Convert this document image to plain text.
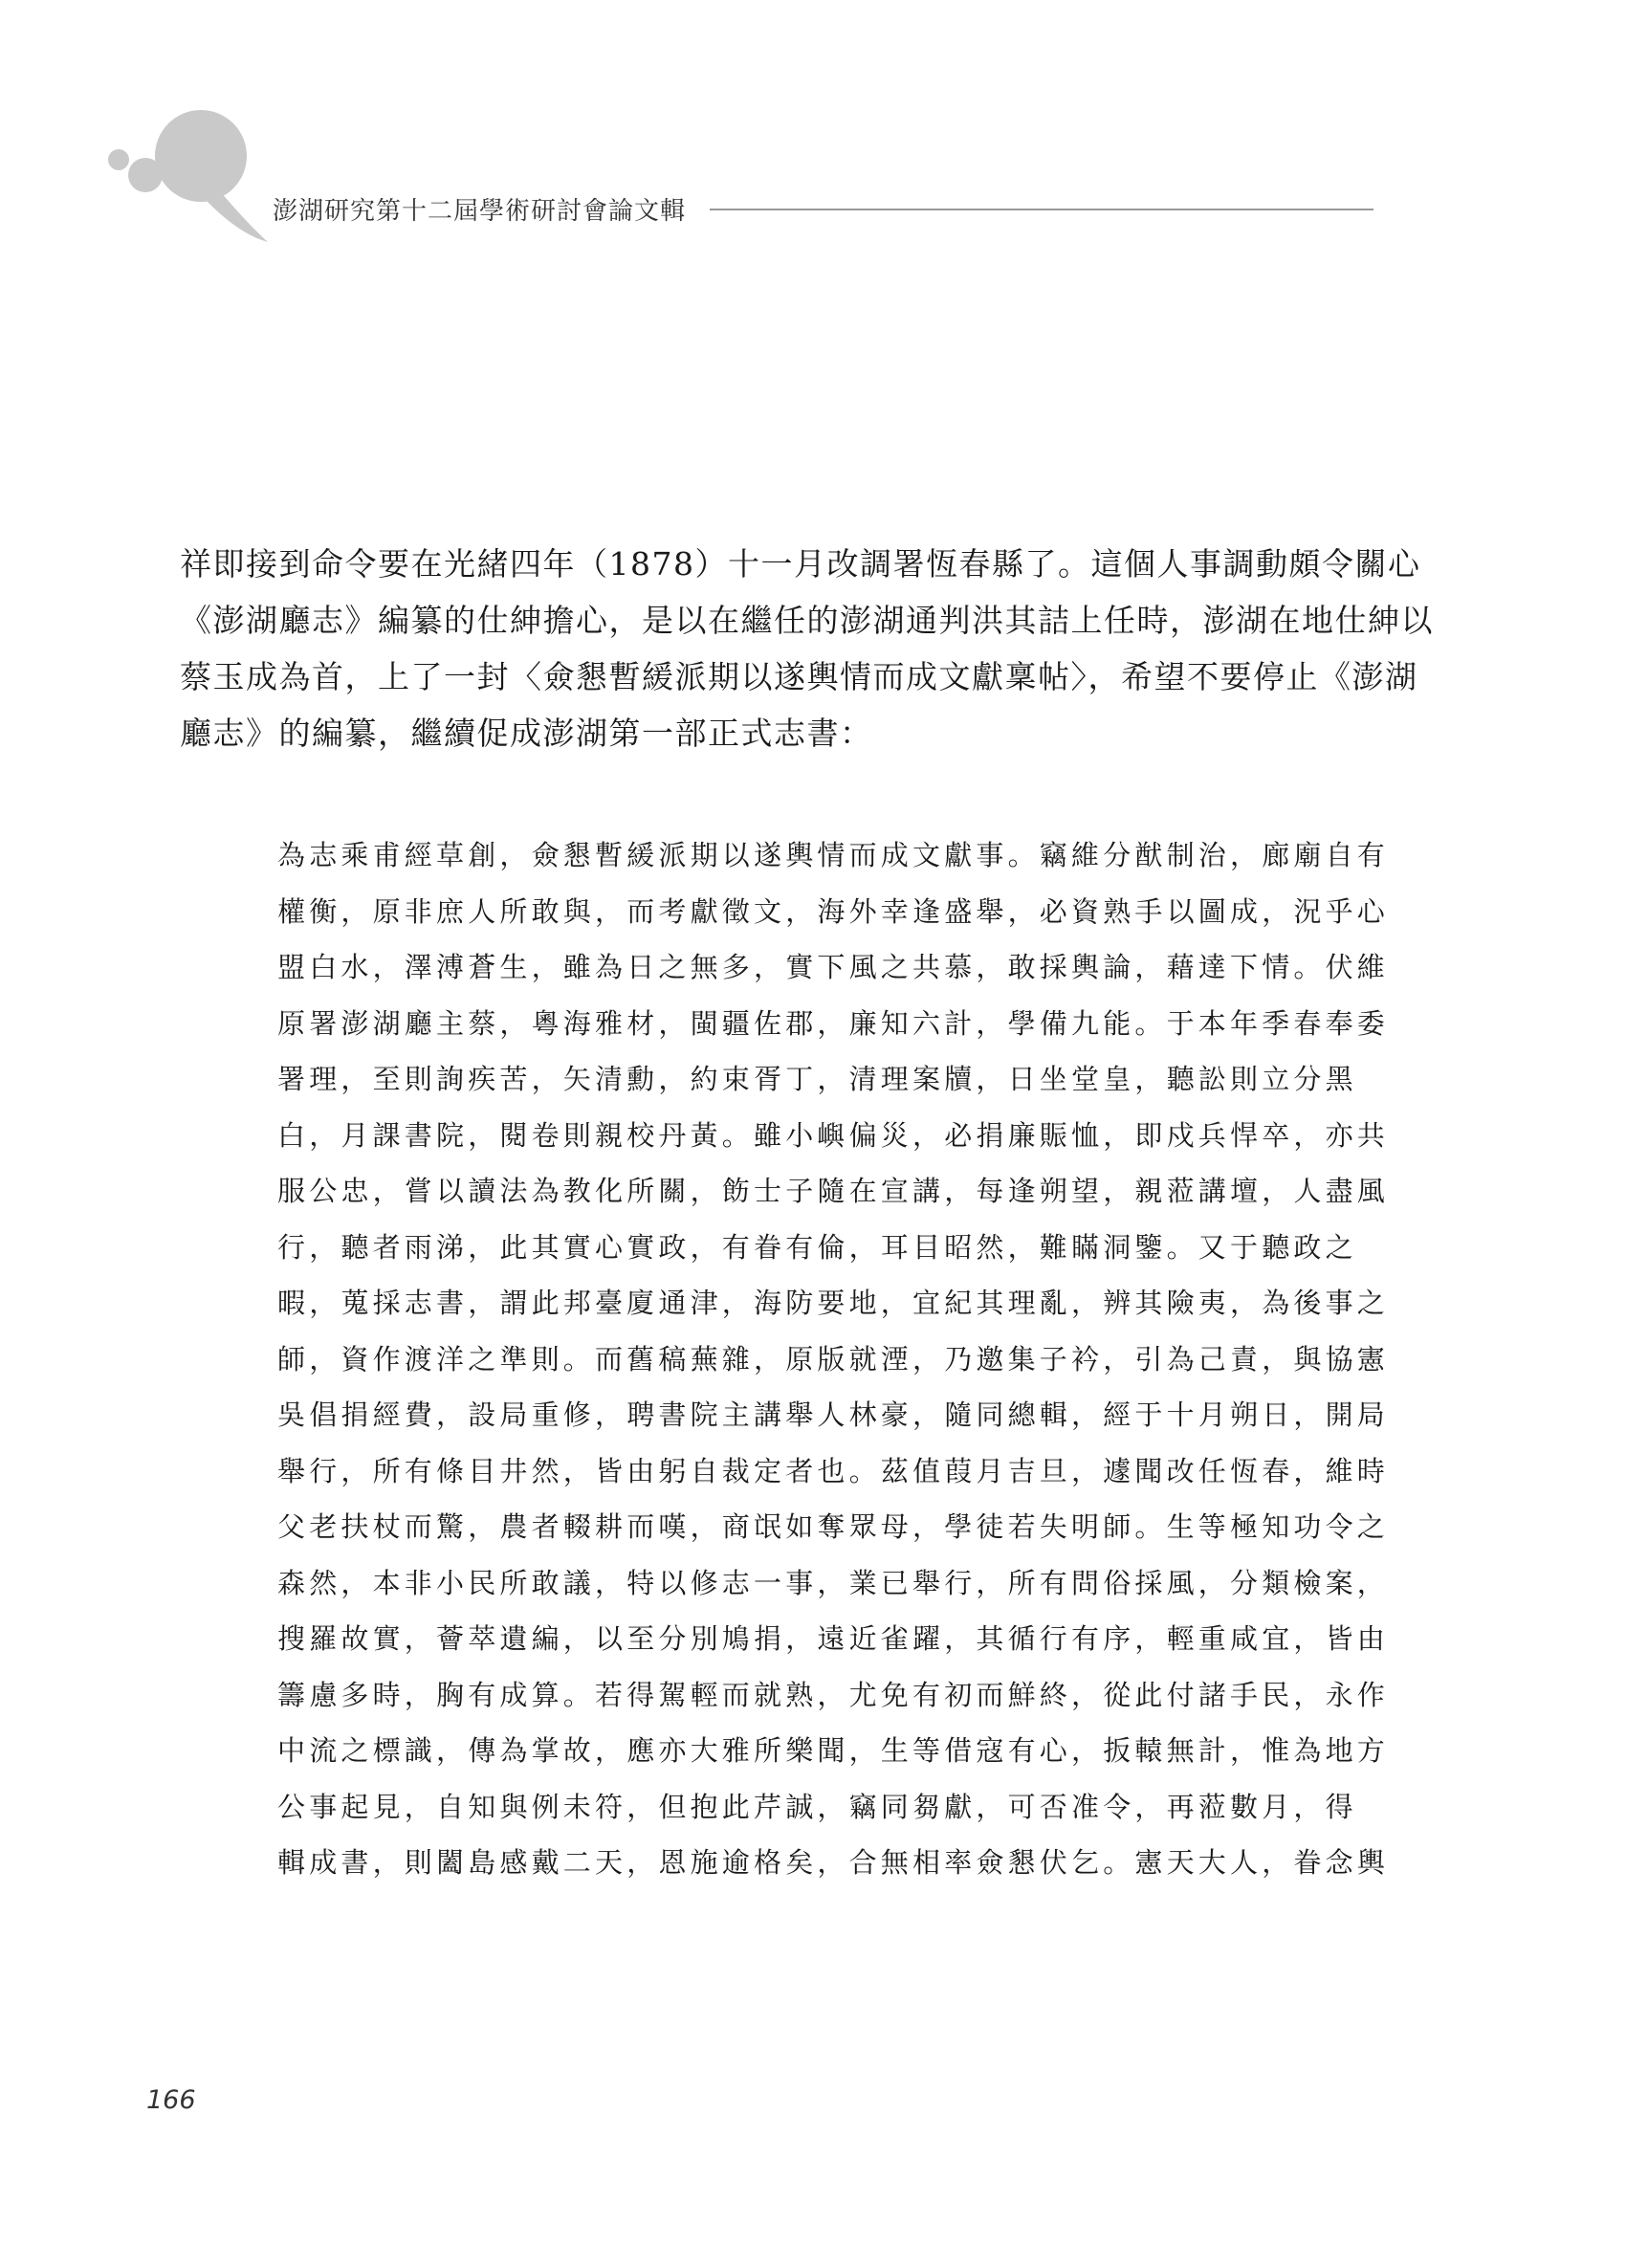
澎湖研究第十二屆學術研討會論文輯
祥即接到命令要在光緒四年（1878）十一月改調署恆春縣了。這個人事調動頗令關心
《澎湖廳志》編纂的仕紳擔心，是以在繼任的澎湖通判洪其詰上任時，澎湖在地仕紳以
蔡玉成為首，上了一封〈僉懇暫緩派期以遂輿情而成文獻稟帖〉，希望不要停止《澎湖
廳志》的編纂，繼續促成澎湖第一部正式志書：
為志乘甫經草創，僉懇暫緩派期以遂輿情而成文獻事。竊維分猷制治，廊廟自有
權衡，原非庶人所敢與，而考獻徵文，海外幸逢盛舉，必資熟手以圖成，況乎心
盟白水，澤溥蒼生，雖為日之無多，實下風之共慕，敢採輿論，藉達下情。伏維
原署澎湖廳主蔡，粵海雅材，閩疆佐郡，廉知六計，學備九能。于本年季春奉委
署理，至則詢疾苦，矢清勳，約束胥丁，清理案牘，日坐堂皇，聽訟則立分黑
白，月課書院，閱卷則親校丹黃。雖小嶼偏災，必捐廉賑恤，即戍兵悍卒，亦共
服公忠，嘗以讀法為教化所關，飭士子隨在宣講，每逢朔望，親蒞講壇，人盡風
行，聽者雨涕，此其實心實政，有眷有倫，耳目昭然，難瞞洞鑒。又于聽政之
暇，蒐採志書，謂此邦臺廈通津，海防要地，宜紀其理亂，辨其險夷，為後事之
師，資作渡洋之準則。而舊稿蕪雜，原版就湮，乃邀集子衿，引為己責，與協憲
吳倡捐經費，設局重修，聘書院主講舉人林豪，隨同總輯，經于十月朔日，開局
舉行，所有條目井然，皆由躬自裁定者也。茲值葭月吉旦，遽聞改任恆春，維時
父老扶杖而驚，農者輟耕而嘆，商氓如奪眾母，學徒若失明師。生等極知功令之
森然，本非小民所敢議，特以修志一事，業已舉行，所有問俗採風，分類檢案，
搜羅故實，薈萃遺編，以至分別鳩捐，遠近雀躍，其循行有序，輕重咸宜，皆由
籌慮多時，胸有成算。若得駕輕而就熟，尤免有初而鮮終，從此付諸手民，永作
中流之標識，傳為掌故，應亦大雅所樂聞，生等借寇有心，扳轅無計，惟為地方
公事起見，自知與例未符，但抱此芹誠，竊同芻獻，可否准令，再蒞數月，得
輯成書，則闔島感戴二天，恩施逾格矣，合無相率僉懇伏乞。憲天大人，眷念輿
166
